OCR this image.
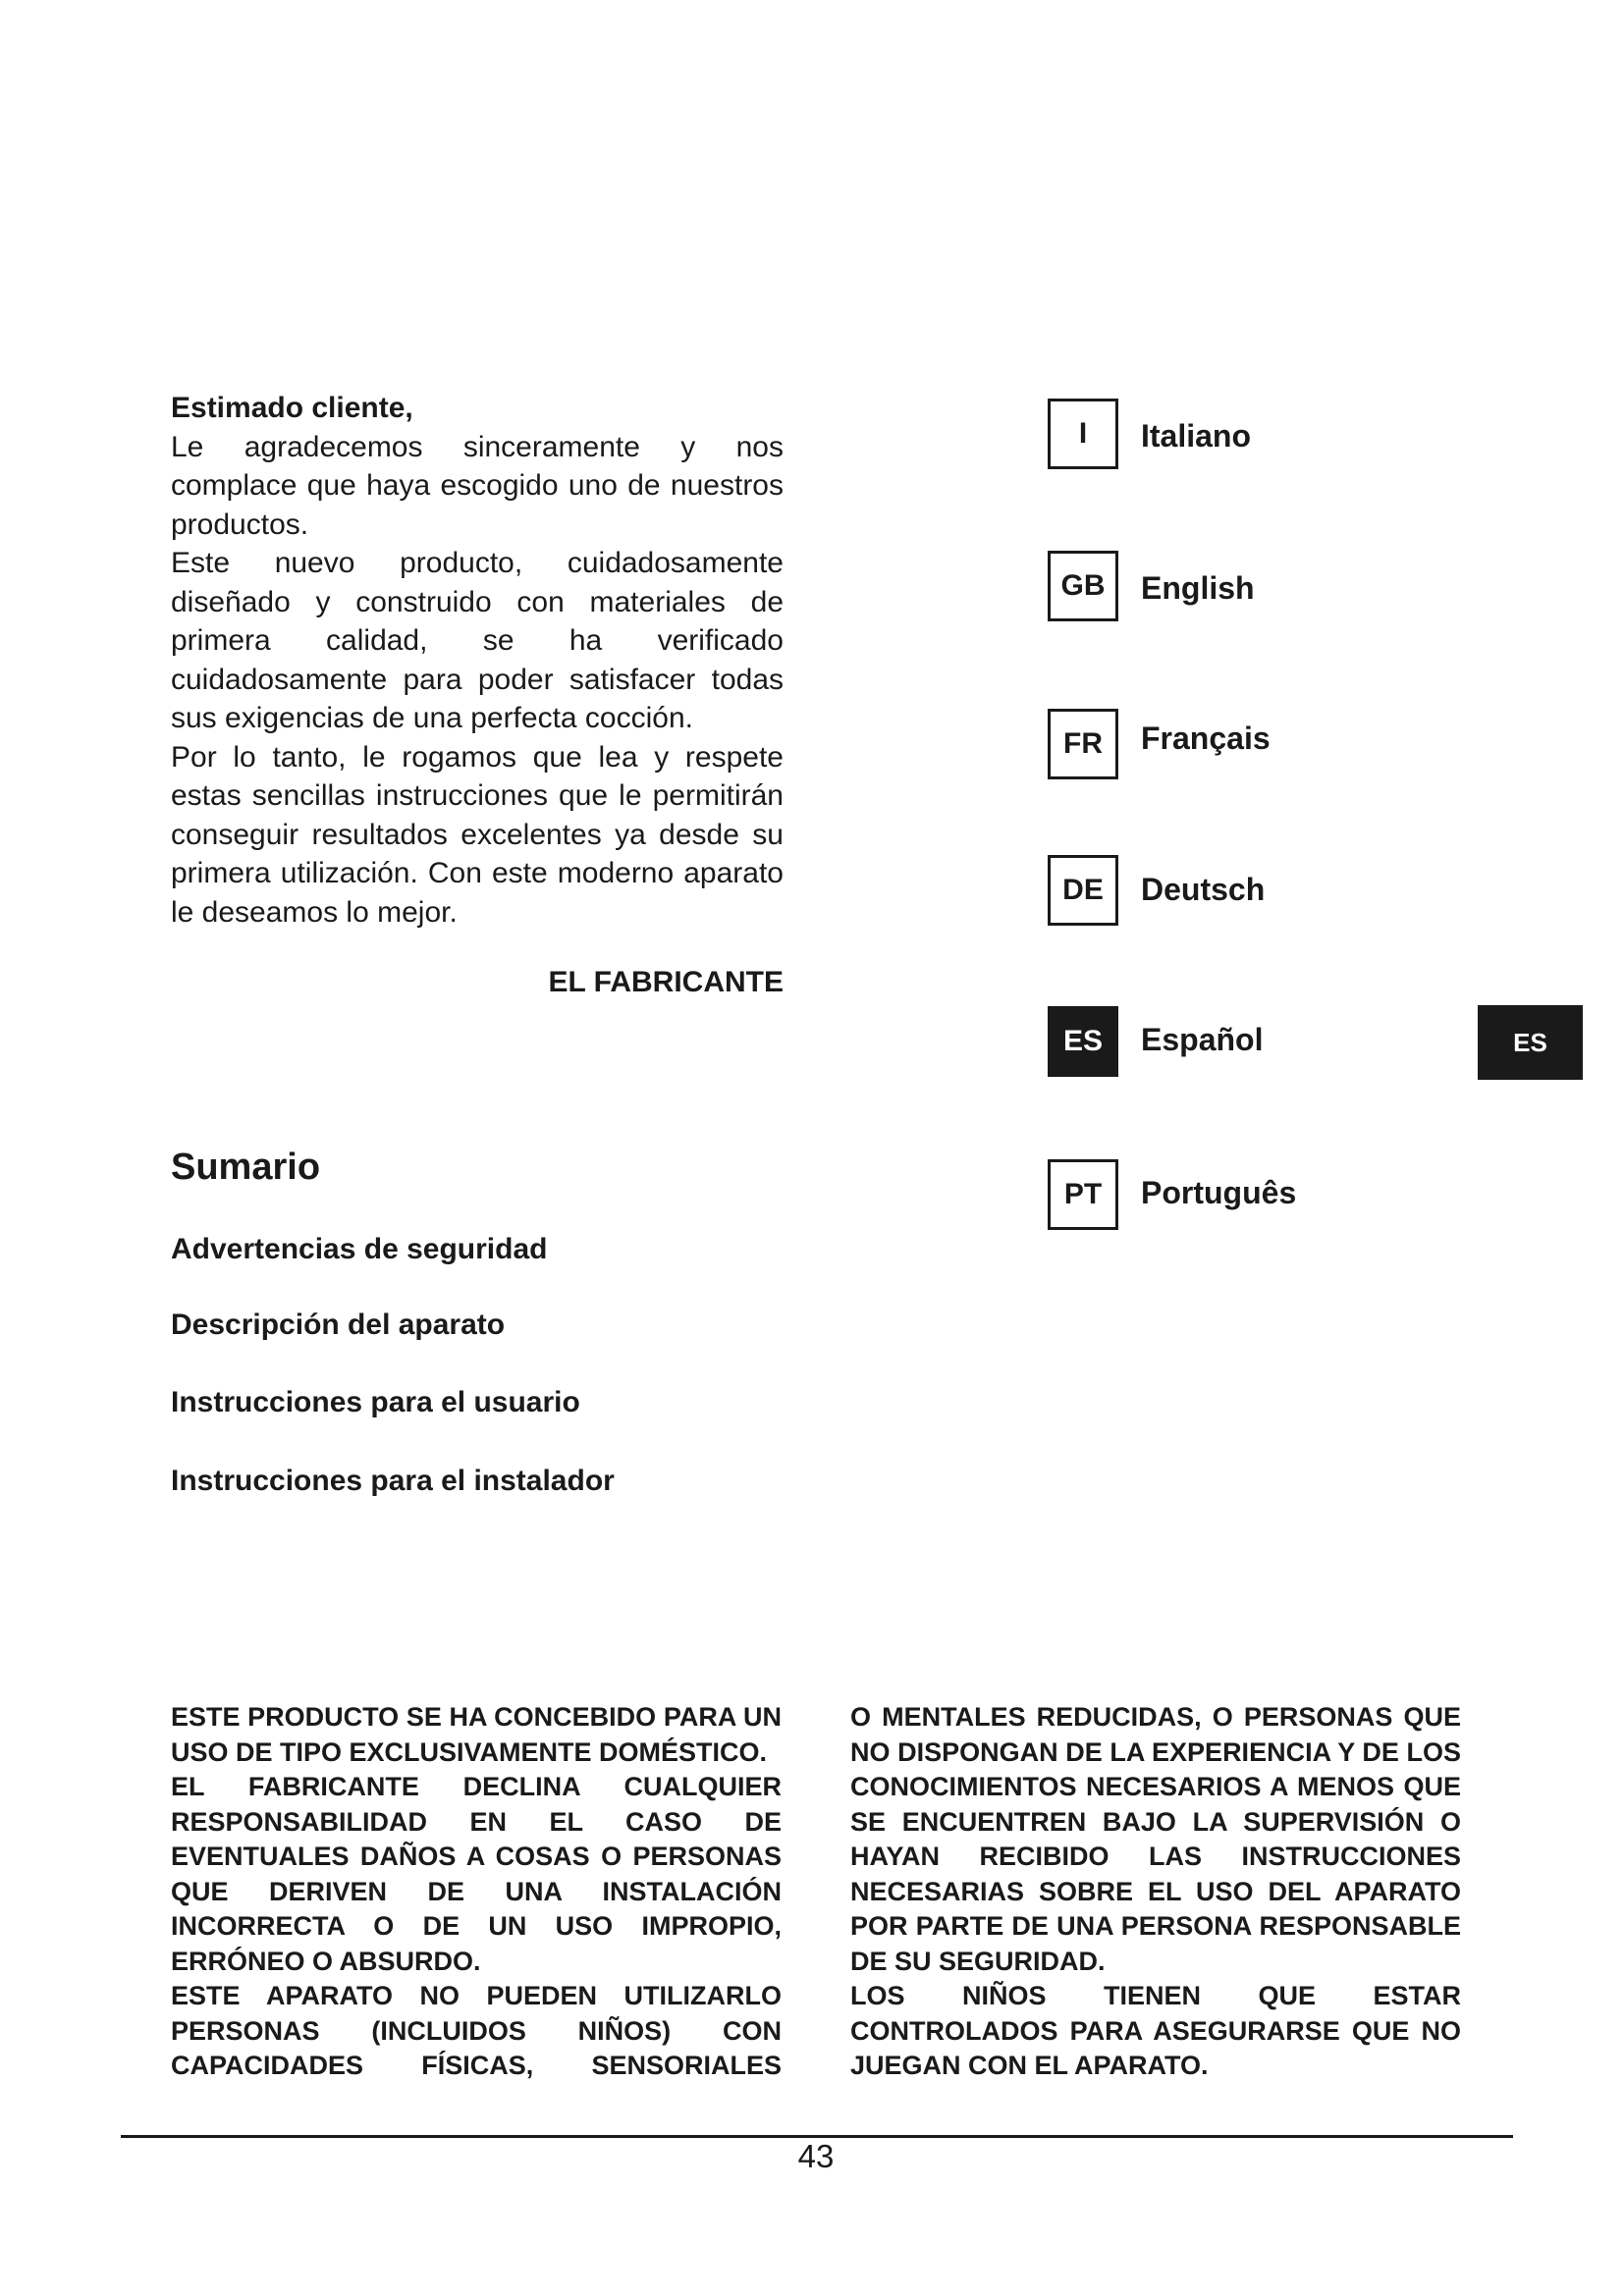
Estimado cliente,

Le agradecemos sinceramente y nos complace que haya escogido uno de nuestros productos.

Este nuevo producto, cuidadosamente diseñado y construido con materiales de primera calidad, se ha verificado cuidadosamente para poder satisfacer todas sus exigencias de una perfecta cocción.

Por lo tanto, le rogamos que lea y respete estas sencillas instrucciones que le permitirán conseguir resultados excelentes ya desde su primera utilización. Con este moderno aparato le deseamos lo mejor.

EL FABRICANTE
Sumario
Advertencias de seguridad
Descripción del aparato
Instrucciones para el usuario
Instrucciones para el instalador
I	Italiano
GB	English
FR	Français
DE	Deutsch
ES	Español
PT	Português
ES

ESTE PRODUCTO SE HA CONCEBIDO PARA UN USO DE TIPO EXCLUSIVAMENTE DOMÉSTICO.

EL FABRICANTE DECLINA CUALQUIER RESPONSABILIDAD EN EL CASO DE EVENTUALES DAÑOS A COSAS O PERSONAS QUE DERIVEN DE UNA INSTALACIÓN INCORRECTA O DE UN USO IMPROPIO, ERRÓNEO O ABSURDO.

ESTE APARATO NO PUEDEN UTILIZARLO PERSONAS (INCLUIDOS NIÑOS) CON CAPACIDADES FÍSICAS, SENSORIALES

O MENTALES REDUCIDAS, O PERSONAS QUE NO DISPONGAN DE LA EXPERIENCIA Y DE LOS CONOCIMIENTOS NECESARIOS A MENOS QUE SE ENCUENTREN BAJO LA SUPERVISIÓN O HAYAN RECIBIDO LAS INSTRUCCIONES NECESARIAS SOBRE EL USO DEL APARATO POR PARTE DE UNA PERSONA RESPONSABLE DE SU SEGURIDAD.

LOS NIÑOS TIENEN QUE ESTAR CONTROLADOS PARA ASEGURARSE QUE NO JUEGAN CON EL APARATO.

43
